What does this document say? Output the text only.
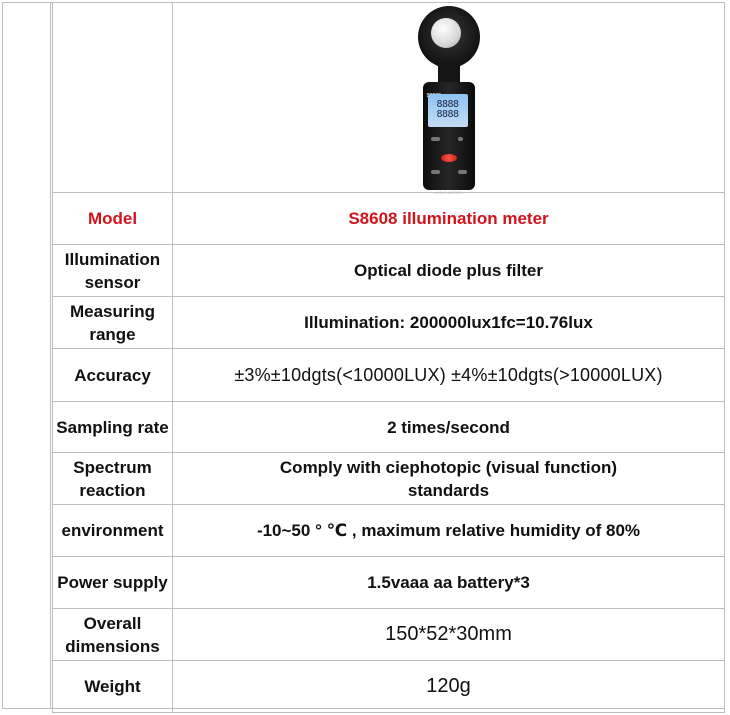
	8888
8888
LIGHT METER

Model	S8608 illumination meter
Illumination sensor	Optical diode plus filter
Measuring range	Illumination: 200000lux1fc=10.76lux
Accuracy	±3%±10dgts(<10000LUX) ±4%±10dgts(>10000LUX)
Sampling rate	2 times/second
Spectrum reaction	Comply with ciephotopic (visual function) standards
environment	-10~50 ° ℃ , maximum relative humidity of 80%
Power supply	1.5vaaa aa battery*3
Overall dimensions	150*52*30mm
Weight	120g
